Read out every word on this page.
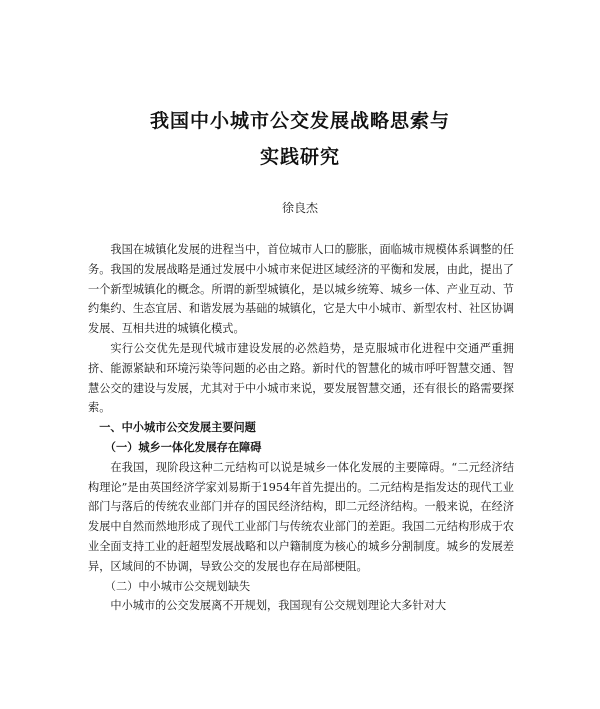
我国中小城市公交发展战略思索与
实践研究
徐良杰

我国在城镇化发展的进程当中，首位城市人口的膨胀，面临城市规模体系调整的任务。我国的发展战略是通过发展中小城市来促进区域经济的平衡和发展，由此，提出了一个新型城镇化的概念。所谓的新型城镇化，是以城乡统筹、城乡一体、产业互动、节约集约、生态宜居、和谐发展为基础的城镇化，它是大中小城市、新型农村、社区协调发展、互相共进的城镇化模式。

实行公交优先是现代城市建设发展的必然趋势，是克服城市化进程中交通严重拥挤、能源紧缺和环境污染等问题的必由之路。新时代的智慧化的城市呼吁智慧交通、智慧公交的建设与发展，尤其对于中小城市来说，要发展智慧交通，还有很长的路需要探索。

一、中小城市公交发展主要问题

（一）城乡一体化发展存在障碍

在我国，现阶段这种二元结构可以说是城乡一体化发展的主要障碍。“二元经济结构理论”是由英国经济学家刘易斯于1954年首先提出的。二元结构是指发达的现代工业部门与落后的传统农业部门并存的国民经济结构，即二元经济结构。一般来说，在经济发展中自然而然地形成了现代工业部门与传统农业部门的差距。我国二元结构形成于农业全面支持工业的赶超型发展战略和以户籍制度为核心的城乡分割制度。城乡的发展差异，区域间的不协调，导致公交的发展也存在局部梗阻。

（二）中小城市公交规划缺失

中小城市的公交发展离不开规划，我国现有公交规划理论大多针对大
